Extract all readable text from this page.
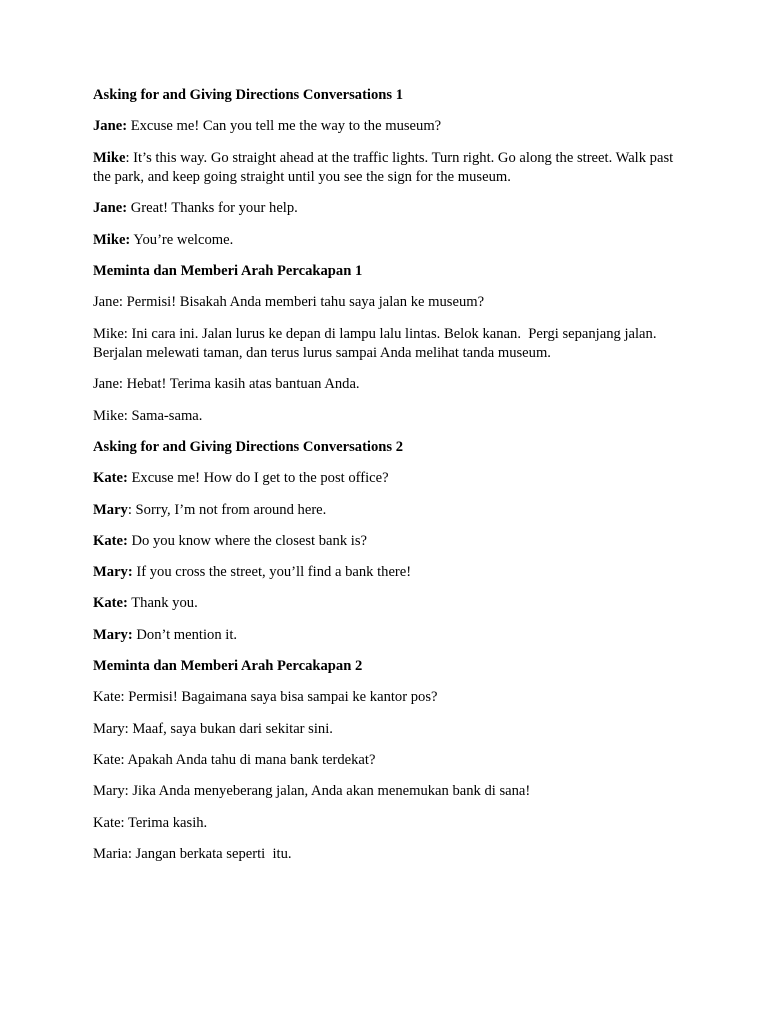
Asking for and Giving Directions Conversations 1

Jane: Excuse me! Can you tell me the way to the museum?

Mike: It’s this way. Go straight ahead at the traffic lights. Turn right. Go along the street. Walk past the park, and keep going straight until you see the sign for the museum.

Jane: Great! Thanks for your help.

Mike: You’re welcome.

Meminta dan Memberi Arah Percakapan 1

Jane: Permisi! Bisakah Anda memberi tahu saya jalan ke museum?

Mike: Ini cara ini. Jalan lurus ke depan di lampu lalu lintas. Belok kanan.  Pergi sepanjang jalan. Berjalan melewati taman, dan terus lurus sampai Anda melihat tanda museum.

Jane: Hebat! Terima kasih atas bantuan Anda.

Mike: Sama-sama.

Asking for and Giving Directions Conversations 2

Kate: Excuse me! How do I get to the post office?

Mary: Sorry, I’m not from around here.

Kate: Do you know where the closest bank is?

Mary: If you cross the street, you’ll find a bank there!

Kate: Thank you.

Mary: Don’t mention it.

Meminta dan Memberi Arah Percakapan 2

Kate: Permisi! Bagaimana saya bisa sampai ke kantor pos?

Mary: Maaf, saya bukan dari sekitar sini.

Kate: Apakah Anda tahu di mana bank terdekat?

Mary: Jika Anda menyeberang jalan, Anda akan menemukan bank di sana!

Kate: Terima kasih.

Maria: Jangan berkata seperti  itu.
